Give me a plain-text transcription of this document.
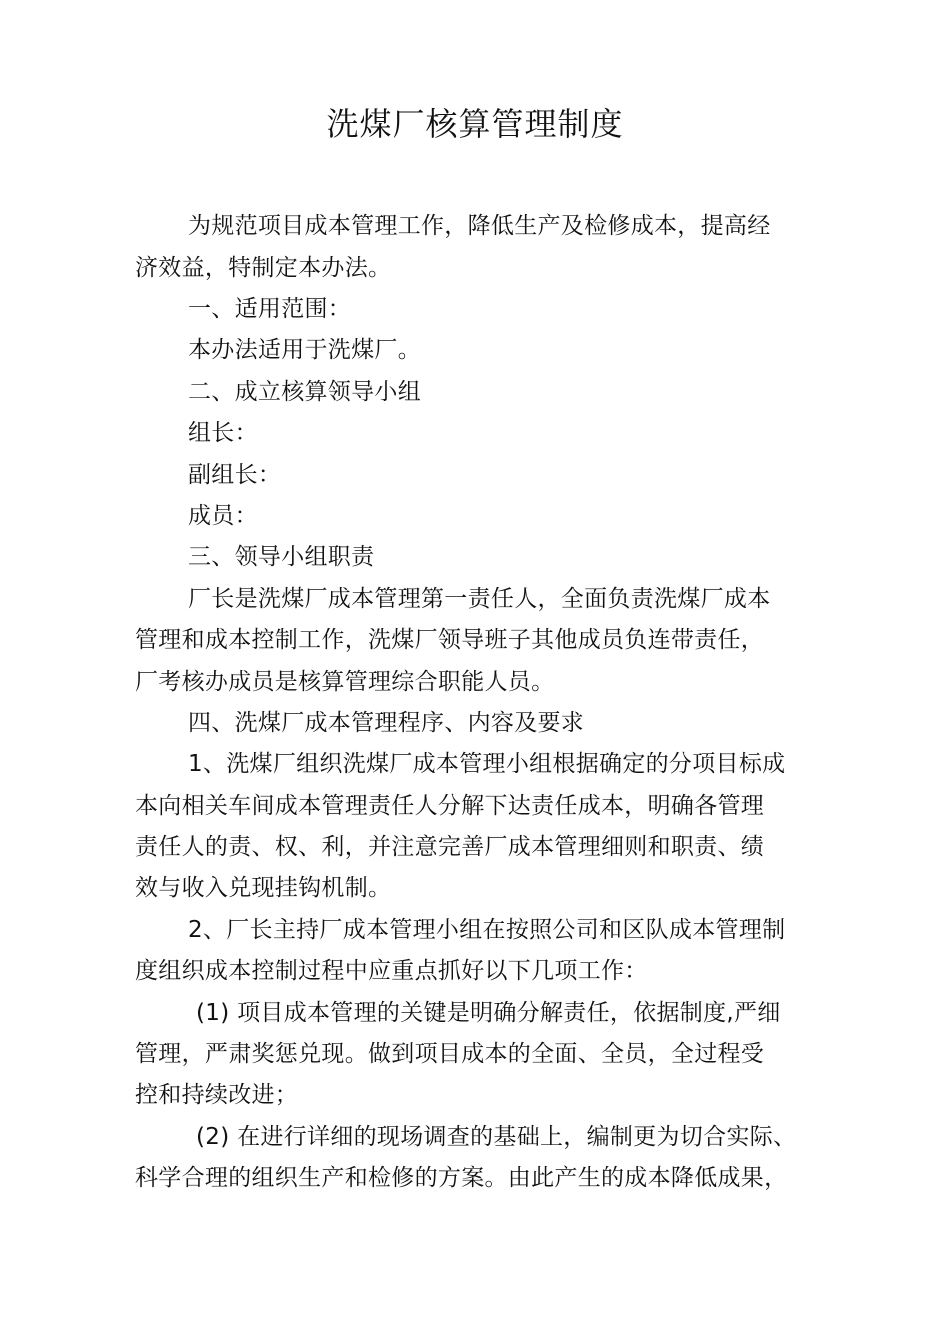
洗煤厂核算管理制度
为规范项目成本管理工作，降低生产及检修成本，提高经
济效益，特制定本办法。
一、适用范围：
本办法适用于洗煤厂。
二、成立核算领导小组
组长：
副组长：
成员：
三、领导小组职责
厂长是洗煤厂成本管理第一责任人，全面负责洗煤厂成本
管理和成本控制工作，洗煤厂领导班子其他成员负连带责任，
厂考核办成员是核算管理综合职能人员。
四、洗煤厂成本管理程序、内容及要求
1、洗煤厂组织洗煤厂成本管理小组根据确定的分项目标成
本向相关车间成本管理责任人分解下达责任成本，明确各管理
责任人的责、权、利，并注意完善厂成本管理细则和职责、绩
效与收入兑现挂钩机制。
2、厂长主持厂成本管理小组在按照公司和区队成本管理制
度组织成本控制过程中应重点抓好以下几项工作：
(1) 项目成本管理的关键是明确分解责任，依据制度,严细
管理，严肃奖惩兑现。做到项目成本的全面、全员，全过程受
控和持续改进；
(2) 在进行详细的现场调查的基础上，编制更为切合实际、
科学合理的组织生产和检修的方案。由此产生的成本降低成果，
